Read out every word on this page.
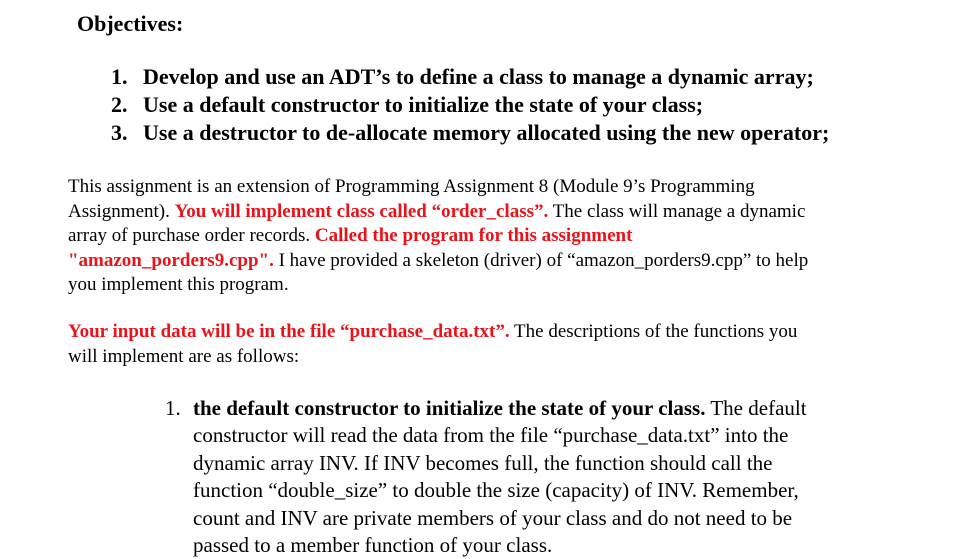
Objectives:
1. Develop and use an ADT’s to define a class to manage a dynamic array;
2. Use a default constructor to initialize the state of your class;
3. Use a destructor to de-allocate memory allocated using the new operator;

This assignment is an extension of Programming Assignment 8 (Module 9’s Programming
Assignment). You will implement class called “order_class”. The class will manage a dynamic
array of purchase order records. Called the program for this assignment
"amazon_porders9.cpp". I have provided a skeleton (driver) of “amazon_porders9.cpp” to help
you implement this program.

Your input data will be in the file “purchase_data.txt”. The descriptions of the functions you
will implement are as follows:

1. the default constructor to initialize the state of your class. The default
constructor will read the data from the file “purchase_data.txt” into the
dynamic array INV. If INV becomes full, the function should call the
function “double_size” to double the size (capacity) of INV. Remember,
count and INV are private members of your class and do not need to be
passed to a member function of your class.
